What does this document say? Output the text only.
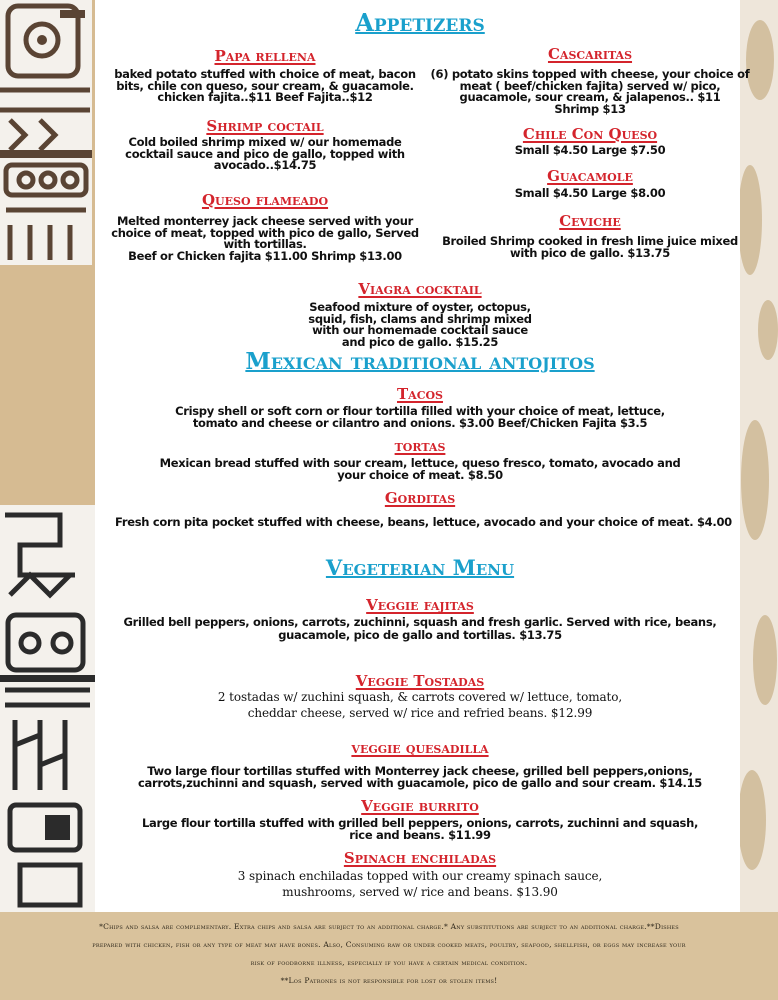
Appetizers
Papa rellena
baked potato stuffed with choice of meat, bacon
bits, chile con queso, sour cream, & guacamole.
chicken fajita..$11 Beef Fajita..$12
Cascaritas
(6) potato skins topped with cheese, your choice of
meat ( beef/chicken fajita) served w/ pico,
guacamole, sour cream, & jalapenos.. $11
Shrimp $13
Shrimp coctail
Cold boiled shrimp mixed w/ our homemade
cocktail sauce and pico de gallo, topped with
avocado..$14.75
Chile Con Queso
Small $4.50 Large $7.50
Guacamole
Small $4.50 Large $8.00
Queso flameado
Melted monterrey jack cheese served with your
choice of meat, topped with pico de gallo, Served
with tortillas.
Beef or Chicken fajita $11.00 Shrimp $13.00
Ceviche
Broiled Shrimp cooked in fresh lime juice mixed
with pico de gallo. $13.75
Viagra cocktail
Seafood mixture of oyster, octopus,
squid, fish, clams and shrimp mixed
with our homemade cocktail sauce
and pico de gallo. $15.25
Mexican traditional antojitos
Tacos
Crispy shell or soft corn or flour tortilla filled with your choice of meat, lettuce,
tomato and cheese or cilantro and onions. $3.00 Beef/Chicken Fajita $3.5
tortas
Mexican bread stuffed with sour cream, lettuce, queso fresco, tomato, avocado and
your choice of meat. $8.50
Gorditas
Fresh corn pita pocket stuffed with cheese, beans, lettuce, avocado and your choice of meat. $4.00
Vegeterian Menu
Veggie fajitas
Grilled bell peppers, onions, carrots, zuchinni, squash and fresh garlic. Served with rice, beans,
guacamole, pico de gallo and tortillas. $13.75
Veggie Tostadas
2 tostadas w/ zuchini squash, & carrots covered w/ lettuce, tomato,
cheddar cheese, served w/ rice and refried beans. $12.99
veggie quesadilla
Two large flour tortillas stuffed with Monterrey jack cheese, grilled bell peppers,onions,
carrots,zuchinni and squash, served with guacamole, pico de gallo and sour cream. $14.15
Veggie burrito
Large flour tortilla stuffed with grilled bell peppers, onions, carrots, zuchinni and squash,
rice and beans. $11.99
Spinach enchiladas
3 spinach enchiladas topped with our creamy spinach sauce,
mushrooms, served w/ rice and beans. $13.90

*Chips and salsa are complementary. Extra chips and salsa are subject to an additional charge.* Any substitutions are subject to an additional charge.**Dishes

prepared with chicken, fish or any type of meat may have bones. Also, Consuming raw or under cooked meats, poultry, seafood, shellfish, or eggs may increase your

risk of foodborne illness, especially if you have a certain medical condition.

**Los Patrones is not responsible for lost or stolen items!
